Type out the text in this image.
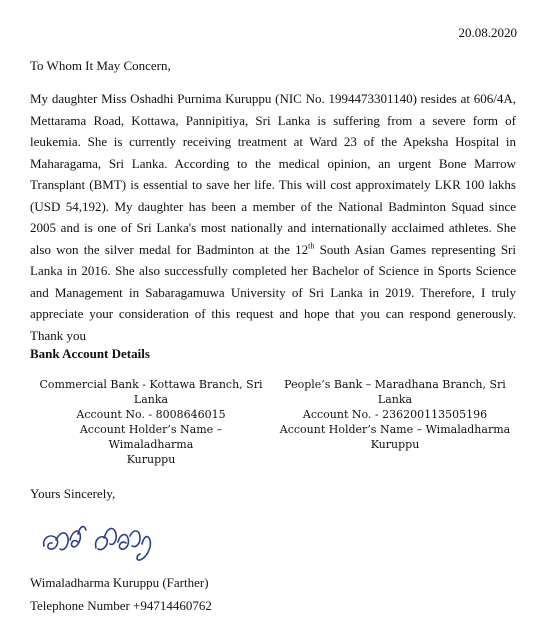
20.08.2020
To Whom It May Concern,
My daughter Miss Oshadhi Purnima Kuruppu (NIC No. 1994473301140) resides at 606/4A, Mettarama Road, Kottawa, Pannipitiya, Sri Lanka is suffering from a severe form of leukemia. She is currently receiving treatment at Ward 23 of the Apeksha Hospital in Maharagama, Sri Lanka. According to the medical opinion, an urgent Bone Marrow Transplant (BMT) is essential to save her life. This will cost approximately LKR 100 lakhs (USD 54,192). My daughter has been a member of the National Badminton Squad since 2005 and is one of Sri Lanka's most nationally and internationally acclaimed athletes. She also won the silver medal for Badminton at the 12th South Asian Games representing Sri Lanka in 2016. She also successfully completed her Bachelor of Science in Sports Science and Management in Sabaragamuwa University of Sri Lanka in 2019. Therefore, I truly appreciate your consideration of this request and hope that you can respond generously. Thank you
Bank Account Details
Commercial Bank - Kottawa Branch, Sri
Lanka
Account No. - 8008646015
Account Holder’s Name – Wimaladharma
Kuruppu
People’s Bank – Maradhana Branch, Sri
Lanka
Account No. - 236200113505196
Account Holder’s Name – Wimaladharma
Kuruppu
Yours Sincerely,
Wimaladharma Kuruppu (Farther)
Telephone Number +94714460762
